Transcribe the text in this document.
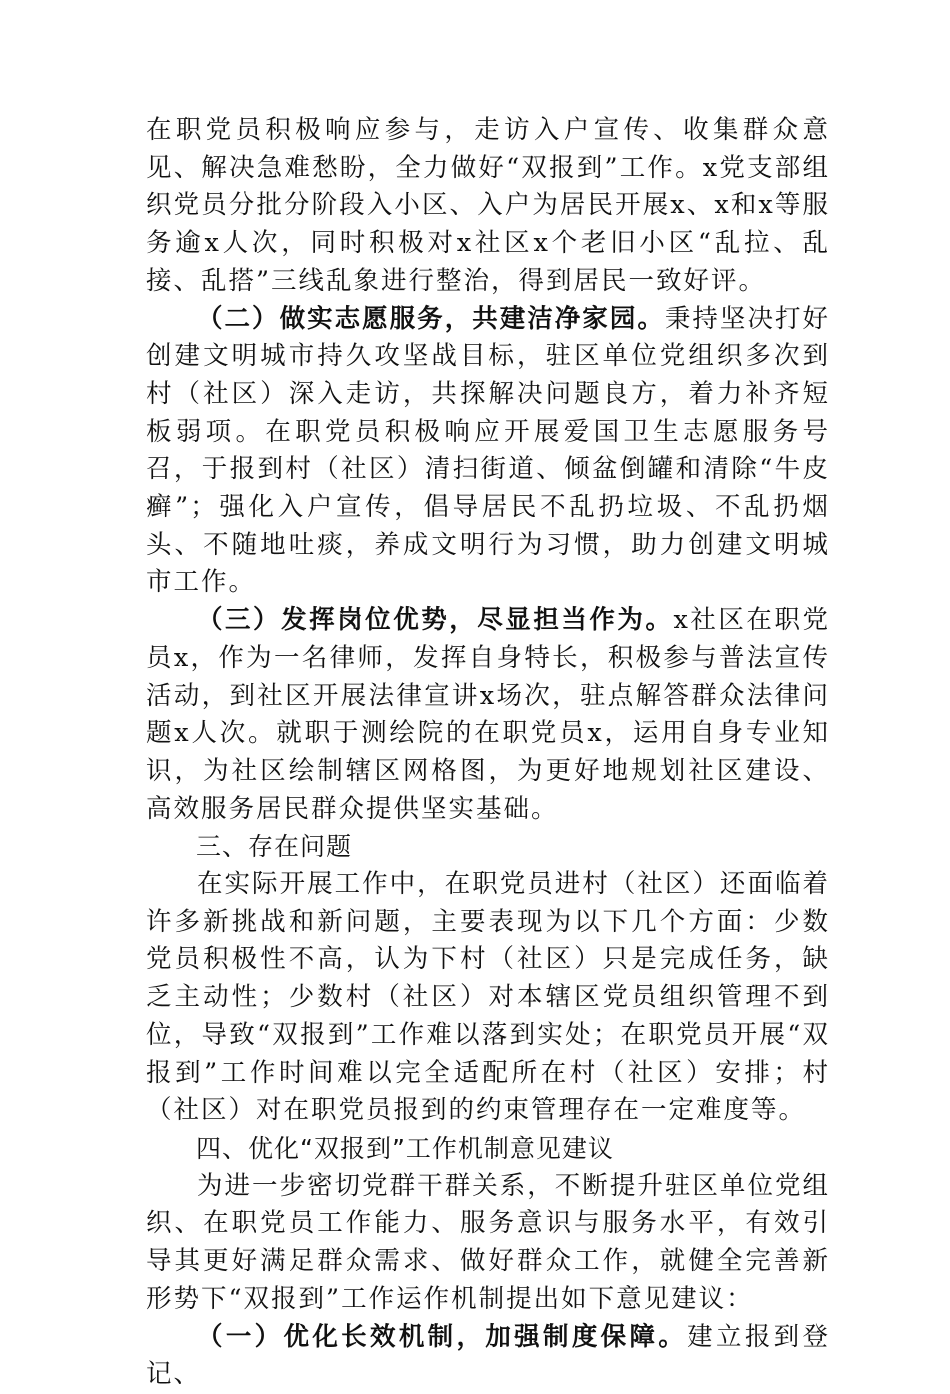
在职党员积极响应参与，走访入户宣传、收集群众意见、解决急难愁盼，全力做好“双报到”工作。x党支部组织党员分批分阶段入小区、入户为居民开展x、x和x等服务逾x人次，同时积极对x社区x个老旧小区“乱拉、乱接、乱搭”三线乱象进行整治，得到居民一致好评。

（二）做实志愿服务，共建洁净家园。秉持坚决打好创建文明城市持久攻坚战目标，驻区单位党组织多次到村（社区）深入走访，共探解决问题良方，着力补齐短板弱项。在职党员积极响应开展爱国卫生志愿服务号召，于报到村（社区）清扫街道、倾盆倒罐和清除“牛皮癣”；强化入户宣传，倡导居民不乱扔垃圾、不乱扔烟头、不随地吐痰，养成文明行为习惯，助力创建文明城市工作。

（三）发挥岗位优势，尽显担当作为。x社区在职党员x，作为一名律师，发挥自身特长，积极参与普法宣传活动，到社区开展法律宣讲x场次，驻点解答群众法律问题x人次。就职于测绘院的在职党员x，运用自身专业知识，为社区绘制辖区网格图，为更好地规划社区建设、高效服务居民群众提供坚实基础。

三、存在问题

在实际开展工作中，在职党员进村（社区）还面临着许多新挑战和新问题，主要表现为以下几个方面：少数党员积极性不高，认为下村（社区）只是完成任务，缺乏主动性；少数村（社区）对本辖区党员组织管理不到位，导致“双报到”工作难以落到实处；在职党员开展“双报到”工作时间难以完全适配所在村（社区）安排；村（社区）对在职党员报到的约束管理存在一定难度等。

四、优化“双报到”工作机制意见建议

为进一步密切党群干群关系，不断提升驻区单位党组织、在职党员工作能力、服务意识与服务水平，有效引导其更好满足群众需求、做好群众工作，就健全完善新形势下“双报到”工作运作机制提出如下意见建议：

（一）优化长效机制，加强制度保障。建立报到登记、
